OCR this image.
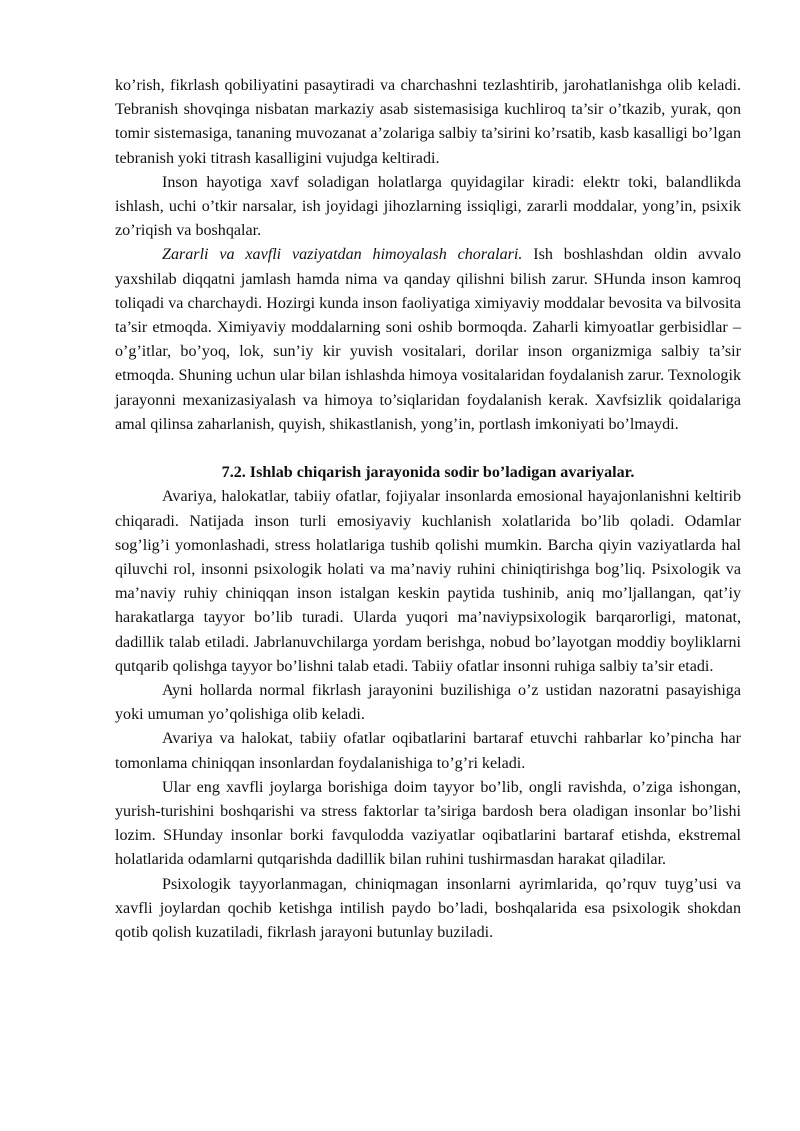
ko’rish, fikrlash qobiliyatini pasaytiradi va charchashni tezlashtirib, jarohatlanishga olib keladi. Tebranish shovqinga nisbatan markaziy asab sistemasisiga kuchliroq ta’sir o’tkazib, yurak, qon tomir sistemasiga, tananing muvozanat a’zolariga salbiy ta’sirini ko’rsatib, kasb kasalligi bo’lgan tebranish yoki titrash kasalligini vujudga keltiradi.

Inson hayotiga xavf soladigan holatlarga quyidagilar kiradi: elektr toki, balandlikda ishlash, uchi o’tkir narsalar, ish joyidagi jihozlarning issiqligi, zararli moddalar, yong’in, psixik zo’riqish va boshqalar.

Zararli va xavfli vaziyatdan himoyalash choralari. Ish boshlashdan oldin avvalo yaxshilab diqqatni jamlash hamda nima va qanday qilishni bilish zarur. SHunda inson kamroq toliqadi va charchaydi. Hozirgi kunda inson faoliyatiga ximiyaviy moddalar bevosita va bilvosita ta’sir etmoqda. Ximiyaviy moddalarning soni oshib bormoqda. Zaharli kimyoatlar gerbisidlar – o’g’itlar, bo’yoq, lok, sun’iy kir yuvish vositalari, dorilar inson organizmiga salbiy ta’sir etmoqda. Shuning uchun ular bilan ishlashda himoya vositalaridan foydalanish zarur. Texnologik jarayonni mexanizasiyalash va himoya to’siqlaridan foydalanish kerak. Xavfsizlik qoidalariga amal qilinsa zaharlanish, quyish, shikastlanish, yong’in, portlash imkoniyati bo’lmaydi.

7.2. Ishlab chiqarish jarayonida sodir bo’ladigan avariyalar.

Avariya, halokatlar, tabiiy ofatlar, fojiyalar insonlarda emosional hayajonlanishni keltirib chiqaradi. Natijada inson turli emosiyaviy kuchlanish xolatlarida bo’lib qoladi. Odamlar sog’lig’i yomonlashadi, stress holatlariga tushib qolishi mumkin. Barcha qiyin vaziyatlarda hal qiluvchi rol, insonni psixologik holati va ma’naviy ruhini chiniqtirishga bog’liq. Psixologik va ma’naviy ruhiy chiniqqan inson istalgan keskin paytida tushinib, aniq mo’ljallangan, qat’iy harakatlarga tayyor bo’lib turadi. Ularda yuqori ma’naviypsixologik barqarorligi, matonat, dadillik talab etiladi. Jabrlanuvchilarga yordam berishga, nobud bo’layotgan moddiy boyliklarni qutqarib qolishga tayyor bo’lishni talab etadi. Tabiiy ofatlar insonni ruhiga salbiy ta’sir etadi.

Ayni hollarda normal fikrlash jarayonini buzilishiga o’z ustidan nazoratni pasayishiga yoki umuman yo’qolishiga olib keladi.

Avariya va halokat, tabiiy ofatlar oqibatlarini bartaraf etuvchi rahbarlar ko’pincha har tomonlama chiniqqan insonlardan foydalanishiga to’g’ri keladi.

Ular eng xavfli joylarga borishiga doim tayyor bo’lib, ongli ravishda, o’ziga ishongan, yurish-turishini boshqarishi va stress faktorlar ta’siriga bardosh bera oladigan insonlar bo’lishi lozim. SHunday insonlar borki favqulodda vaziyatlar oqibatlarini bartaraf etishda, ekstremal holatlarida odamlarni qutqarishda dadillik bilan ruhini tushirmasdan harakat qiladilar.

Psixologik tayyorlanmagan, chiniqmagan insonlarni ayrimlarida, qo’rquv tuyg’usi va xavfli joylardan qochib ketishga intilish paydo bo’ladi, boshqalarida esa psixologik shokdan qotib qolish kuzatiladi, fikrlash jarayoni butunlay buziladi.
